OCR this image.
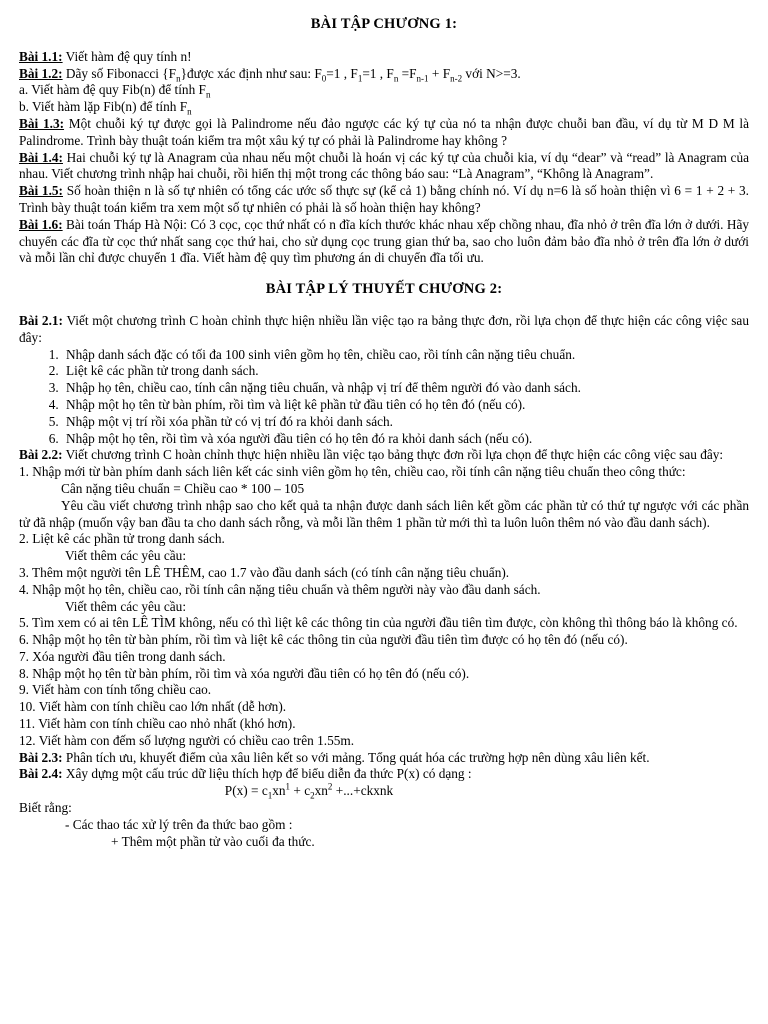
BÀI TẬP CHƯƠNG 1:

Bài 1.1: Viết hàm đệ quy tính n!

Bài 1.2: Dãy số Fibonacci $\{F_n\}được$ xác định như sau: $F_0=1$ , $F_1=1$ , $F_n =F_{n-1} + F_{n-2}$ với N>=3.

a. Viết hàm đệ quy Fib(n) để tính $F_n$

b. Viết hàm lặp Fib(n) để tính $F_n$

Bài 1.3: Một chuỗi ký tự được gọi là Palindrome nếu đảo ngược các ký tự của nó ta nhận được chuỗi ban đầu, ví dụ từ M D M là Palindrome. Trình bày thuật toán kiểm tra một xâu ký tự có phải là Palindrome hay không ?

Bài 1.4: Hai chuỗi ký tự là Anagram của nhau nếu một chuỗi là hoán vị các ký tự của chuỗi kia, ví dụ “dear” và “read” là Anagram của nhau. Viết chương trình nhập hai chuỗi, rồi hiển thị một trong các thông báo sau: “Là Anagram”, “Không là Anagram”.

Bài 1.5: Số hoàn thiện n là số tự nhiên có tổng các ước số thực sự (kể cả 1) bằng chính nó. Ví dụ n=6 là số hoàn thiện vì 6 = 1 + 2 + 3. Trình bày thuật toán kiểm tra xem một số tự nhiên có phải là số hoàn thiện hay không?

Bài 1.6: Bài toán Tháp Hà Nội: Có 3 cọc, cọc thứ nhất có n đĩa kích thước khác nhau xếp chồng nhau, đĩa nhỏ ở trên đĩa lớn ở dưới. Hãy chuyển các đĩa từ cọc thứ nhất sang cọc thứ hai, cho sử dụng cọc trung gian thứ ba, sao cho luôn đảm bảo đĩa nhỏ ở trên đĩa lớn ở dưới và mỗi lần chỉ được chuyển 1 đĩa. Viết hàm đệ quy tìm phương án di chuyển đĩa tối ưu.

BÀI TẬP LÝ THUYẾT CHƯƠNG 2:

Bài 2.1: Viết một chương trình C hoàn chỉnh thực hiện nhiều lần việc tạo ra bảng thực đơn, rồi lựa chọn để thực hiện các công việc sau đây:

1. Nhập danh sách đặc có tối đa 100 sinh viên gồm họ tên, chiều cao, rồi tính cân nặng tiêu chuẩn.
2. Liệt kê các phần tử trong danh sách.
3. Nhập họ tên, chiều cao, tính cân nặng tiêu chuẩn, và nhập vị trí để thêm người đó vào danh sách.
4. Nhập một họ tên từ bàn phím, rồi tìm và liệt kê phần tử đầu tiên có họ tên đó (nếu có).
5. Nhập một vị trí rồi xóa phần tử có vị trí đó ra khỏi danh sách.
6. Nhập một họ tên, rồi tìm và xóa người đầu tiên có họ tên đó ra khỏi danh sách (nếu có).

Bài 2.2: Viết chương trình C hoàn chỉnh thực hiện nhiều lần việc tạo bảng thực đơn rồi lựa chọn để thực hiện các công việc sau đây:

1. Nhập mới từ bàn phím danh sách liên kết các sinh viên gồm họ tên, chiều cao, rồi tính cân nặng tiêu chuẩn theo công thức:

Cân nặng tiêu chuẩn = Chiều cao * 100 – 105

Yêu cầu viết chương trình nhập sao cho kết quả ta nhận được danh sách liên kết gồm các phần tử có thứ tự ngược với các phần tử đã nhập (muốn vậy ban đầu ta cho danh sách rỗng, và mỗi lần thêm 1 phần tử mới thì ta luôn luôn thêm nó vào đầu danh sách).

2. Liệt kê các phần tử trong danh sách.

Viết thêm các yêu cầu:

3. Thêm một người tên LÊ THÊM, cao 1.7 vào đầu danh sách (có tính cân nặng tiêu chuẩn).

4. Nhập một họ tên, chiều cao, rồi tính cân nặng tiêu chuẩn và thêm người này vào đầu danh sách.

Viết thêm các yêu cầu:

5. Tìm xem có ai tên LÊ TÌM không, nếu có thì liệt kê các thông tin của người đầu tiên tìm được, còn không thì thông báo là không có.

6. Nhập một họ tên từ bàn phím, rồi tìm và liệt kê các thông tin của người đầu tiên tìm được có họ tên đó (nếu có).

7. Xóa người đầu tiên trong danh sách.

8. Nhập một họ tên từ bàn phím, rồi tìm và xóa người đầu tiên có họ tên đó (nếu có).

9. Viết hàm con tính tổng chiều cao.

10. Viết hàm con tính chiều cao lớn nhất (dễ hơn).

11. Viết hàm con tính chiều cao nhỏ nhất (khó hơn).

12. Viết hàm con đếm số lượng người có chiều cao trên 1.55m.

Bài 2.3: Phân tích ưu, khuyết điểm của xâu liên kết so với mảng. Tổng quát hóa các trường hợp nên dùng xâu liên kết.

Bài 2.4: Xây dựng một cấu trúc dữ liệu thích hợp để biểu diễn đa thức P(x) có dạng :

$P(x) = c_1xn^1 + c_2xn^2$ +...+ckxnk

Biết rằng:

- Các thao tác xử lý trên đa thức bao gồm :

+ Thêm một phần tử vào cuối đa thức.
